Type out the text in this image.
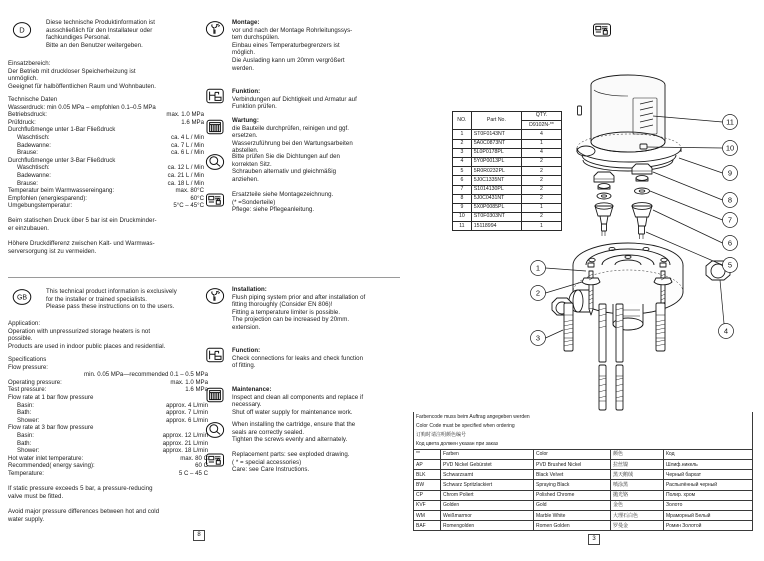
D
Diese technische Produktinformation ist
ausschließlich für den Installateur oder
fachkundiges Personal.
Bitte an den Benutzer weitergeben.
Einsatzbereich:
Der Betrieb mit druckloser Speicherheizung ist
unmöglich.
Geeignet für halböffentlichen Raum und Wohnbauten.
Technische Daten
Wasserdruck: min 0.05 MPa – empfohlen 0.1–0.5 MPa
Betriebsdruck:	max. 1.0 MPa
Prüfdruck:	1.6 MPa
Durchflußmenge unter 1-Bar Fließdruck
Waschtisch:	ca. 4 L / Min
Badewanne:	ca. 7 L / Min
Brause:	ca. 6 L / Min
Durchflußmenge unter 3-Bar Fließdruck
Waschtisch:	ca. 12 L / Min
Badewanne:	ca. 21 L / Min
Brause:	ca. 18 L / Min
Temperatur beim Warmwassereingang:	max. 80°C
Empfohlen (energiesparend):	60°C
Umgebungstemperatur:	5°C – 45°C
Beim statischen Druck über 5 bar ist ein Druckminder-
er einzubauen.
Höhere Druckdifferenz zwischen Kalt- und Warmwas-
serversorgung ist zu vermeiden.
Montage:
vor und nach der Montage Rohrleitungssys-
tem durchspülen.
Einbau eines Temperaturbegrenzers ist
möglich.
Die Auslading kann um 20mm vergrößert
werden.
Funktion:
Verbindungen auf Dichtigkeit und Armatur auf
Funktion prüfen.
Wartung:
die Bauteile durchprüfen, reinigen und ggf.
ersetzen.
Wasserzuführung bei den Wartungsarbeiten
abstellen.
Bitte prüfen Sie die Dichtungen auf den
korrekten Sitz.
Schrauben alternativ und gleichmäßig
anziehen.
Ersatzteile siehe Montagezeichnung.
(* =Sonderteile)
Pflege: siehe Pflegeanleitung.
GB
This technical product information is exclusively
for the installer or trained specialists.
Please pass these instructions on to the users.
Application:
Operation with unpressurized storage heaters is not
possible.
Products are used in indoor public places and residential.
Specifications
Flow pressure:
min. 0.05 MPa—recommended 0.1 – 0.5 MPa
Operating pressure:	max. 1.0 MPa
Test pressure:	1.6 MPa
Flow rate at 1 bar flow pressure
Basin:	approx. 4 L/min
Bath:	approx. 7 L/min
Shower:	approx. 6 L/min
Flow rate at 3 bar flow pressure
Basin:	approx. 12 L/min
Bath:	approx. 21 L/min
Shower:	approx. 18 L/min
Hot water inlet temperature:	max. 80 C
Recommended( energy saving):	60 C
Temperature:	5 C – 45 C
If static pressure exceeds 5 bar, a pressure-reducing
valve must be fitted.
Avoid major pressure differences between hot and cold
water supply.
Installation:
Flush piping system prior and after installation of
fitting thoroughly (Consider EN 806)!
Fitting a temperature limiter is possible.
The projection can be increased by 20mm.
extension.
Function:
Check connections for leaks and check function
of fitting.
Maintenance:
Inspect and clean all components and replace if
necessary.
Shut off water supply for maintenance work.
When installing the cartridge, ensure that the
seals are correctly sealed.
Tighten the screws evenly and alternately.
Replacement parts: see exploded drawing.
( * = special accessories)
Care: see Care Instructions.
NO.	Part No.	QTY.
		D9102N-**
1	ST0F0143NT	4
2	5A0C0873NT	1
3	5L0P0178PL	4
4	5Y0P0013PL	2
5	5R0R0232PL	2
6	5J0C1335NT	2
7	S1014130PL	2
8	5J0C0431NT	2
9	5X0P0085PL	1
10	ST0F0303NT	2
11	15118994	1
1
2
3
4
5
6
7
8
9
10
11
Farbencode muss beim Auftrag angegeben werden				
Color Code must be specified when ordering				
订购时请注明颜色编号				
Код цвета должен указан при заказ				
**	Farben	Color	颜色	Код
AP	PVD Nickel Gebürstet	PVD Brushed Nickel	拉丝镍	Шлиф.никель
BLK	Schwarzsamt	Black Velvet	黑天鹅绒	Черный бархат
BW	Schwarz Spritzlackiert	Spraying Black	喷涂黑	Распылённый черный
CP	Chrom Poliert	Polished Chrome	抛光铬	Полир. хром
KVF	Golden	Gold	金色	Золото
WM	Weißmarmor	Marble White	大理石白色	Мраморный Белый
BAF	Romengolden	Romen Golden	罗曼金	Ромин Золотой
8
3
